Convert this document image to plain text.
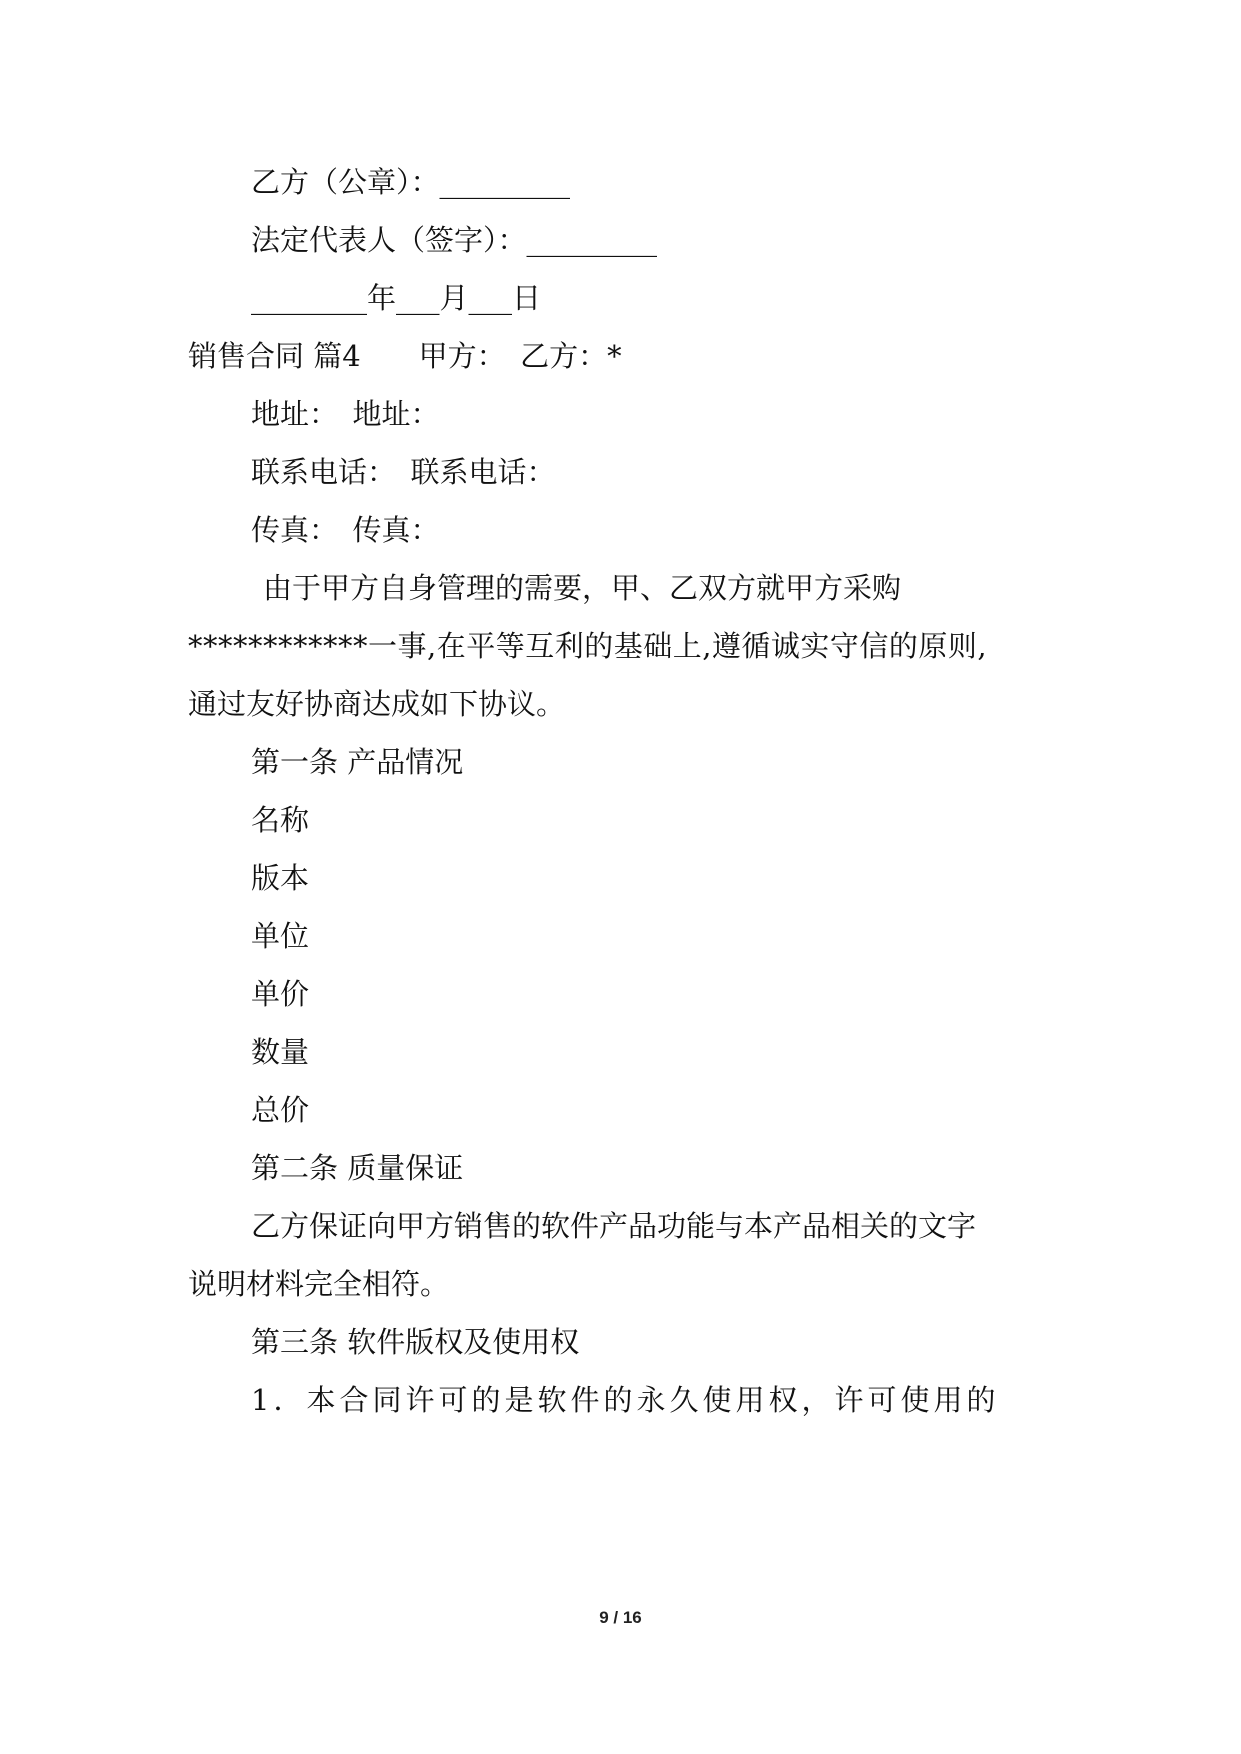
乙方（公章）：_________
法定代表人（签字）：_________
________年___月___日
销售合同 篇4　　甲方：　乙方：*
地址：　地址：
联系电话：　联系电话：
传真：　传真：
由于甲方自身管理的需要，甲、乙双方就甲方采购
************一事,在平等互利的基础上,遵循诚实守信的原则,
通过友好协商达成如下协议。
第一条 产品情况
名称
版本
单位
单价
数量
总价
第二条 质量保证
乙方保证向甲方销售的软件产品功能与本产品相关的文字
说明材料完全相符。
第三条 软件版权及使用权
1．本合同许可的是软件的永久使用权，许可使用的
9 / 16
